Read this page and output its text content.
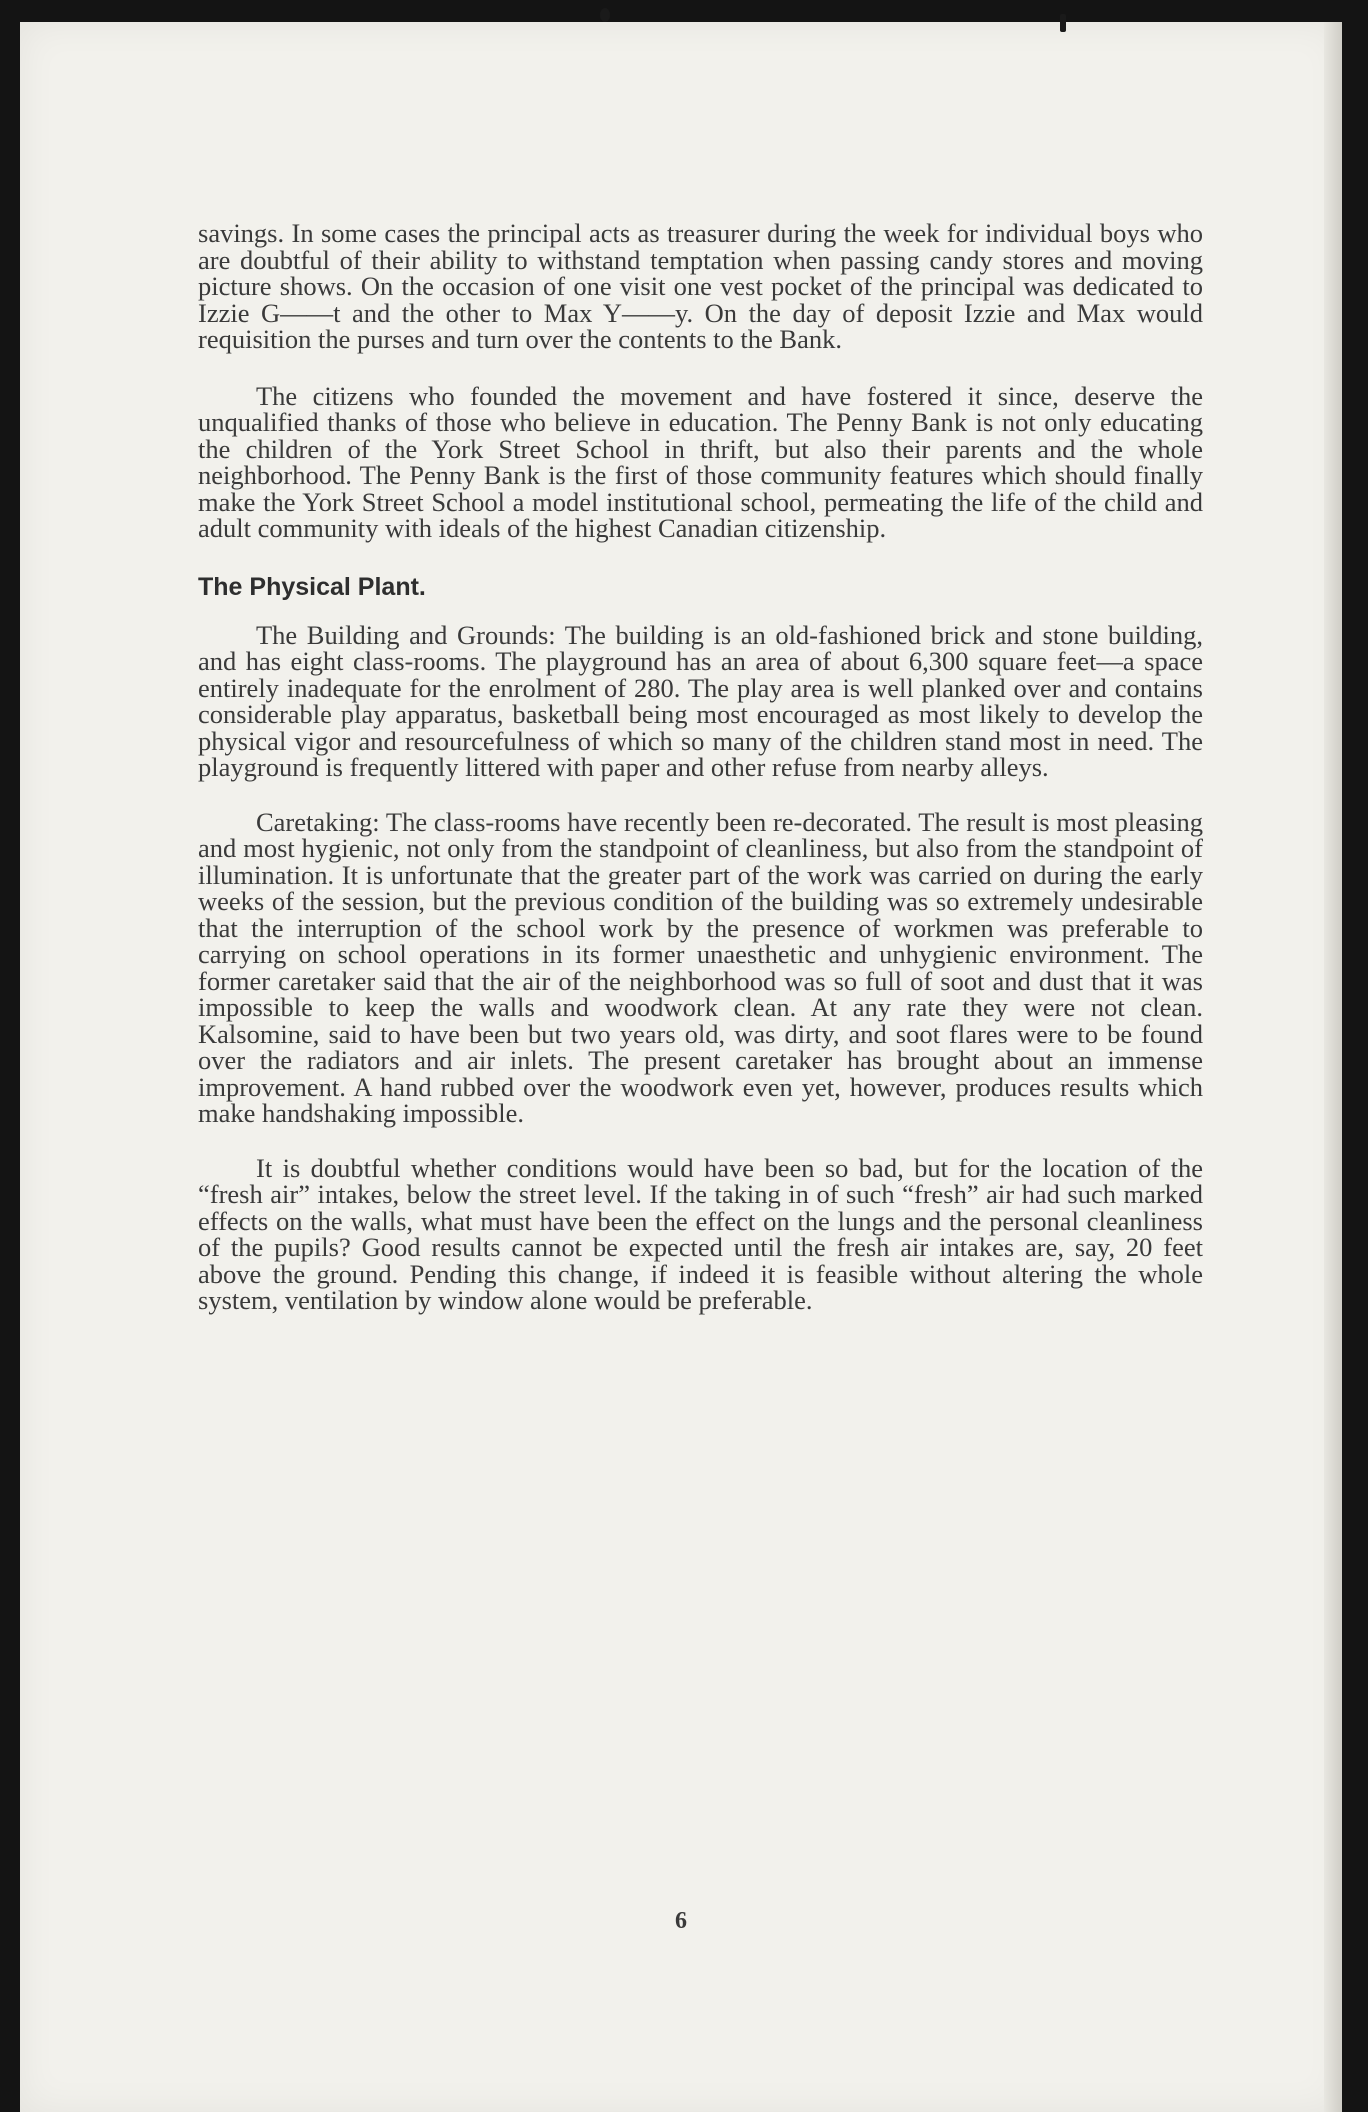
savings. In some cases the principal acts as treasurer during the week for individual boys who are doubtful of their ability to withstand temptation when passing candy stores and moving picture shows. On the occasion of one visit one vest pocket of the principal was dedicated to Izzie G——t and the other to Max Y——y. On the day of deposit Izzie and Max would requisition the purses and turn over the contents to the Bank.

The citizens who founded the movement and have fostered it since, deserve the unqualified thanks of those who believe in education. The Penny Bank is not only educating the children of the York Street School in thrift, but also their parents and the whole neighborhood. The Penny Bank is the first of those community features which should finally make the York Street School a model institutional school, permeating the life of the child and adult community with ideals of the highest Canadian citizenship.

The Physical Plant.

The Building and Grounds: The building is an old-fashioned brick and stone building, and has eight class-rooms. The playground has an area of about 6,300 square feet—a space entirely inadequate for the enrolment of 280. The play area is well planked over and contains considerable play apparatus, basketball being most encouraged as most likely to develop the physical vigor and resourcefulness of which so many of the children stand most in need. The playground is frequently littered with paper and other refuse from nearby alleys.

Caretaking: The class-rooms have recently been re-decorated. The result is most pleasing and most hygienic, not only from the standpoint of cleanliness, but also from the standpoint of illumination. It is unfortunate that the greater part of the work was carried on during the early weeks of the session, but the previous condition of the building was so extremely undesirable that the interruption of the school work by the presence of workmen was preferable to carrying on school operations in its former unaesthetic and unhygienic environment. The former caretaker said that the air of the neighborhood was so full of soot and dust that it was impossible to keep the walls and woodwork clean. At any rate they were not clean. Kalsomine, said to have been but two years old, was dirty, and soot flares were to be found over the radiators and air inlets. The present caretaker has brought about an immense improvement. A hand rubbed over the woodwork even yet, however, produces results which make handshaking impossible.

It is doubtful whether conditions would have been so bad, but for the location of the “fresh air” intakes, below the street level. If the taking in of such “fresh” air had such marked effects on the walls, what must have been the effect on the lungs and the personal cleanliness of the pupils? Good results cannot be expected until the fresh air intakes are, say, 20 feet above the ground. Pending this change, if indeed it is feasible without altering the whole system, ventilation by window alone would be preferable.

6
